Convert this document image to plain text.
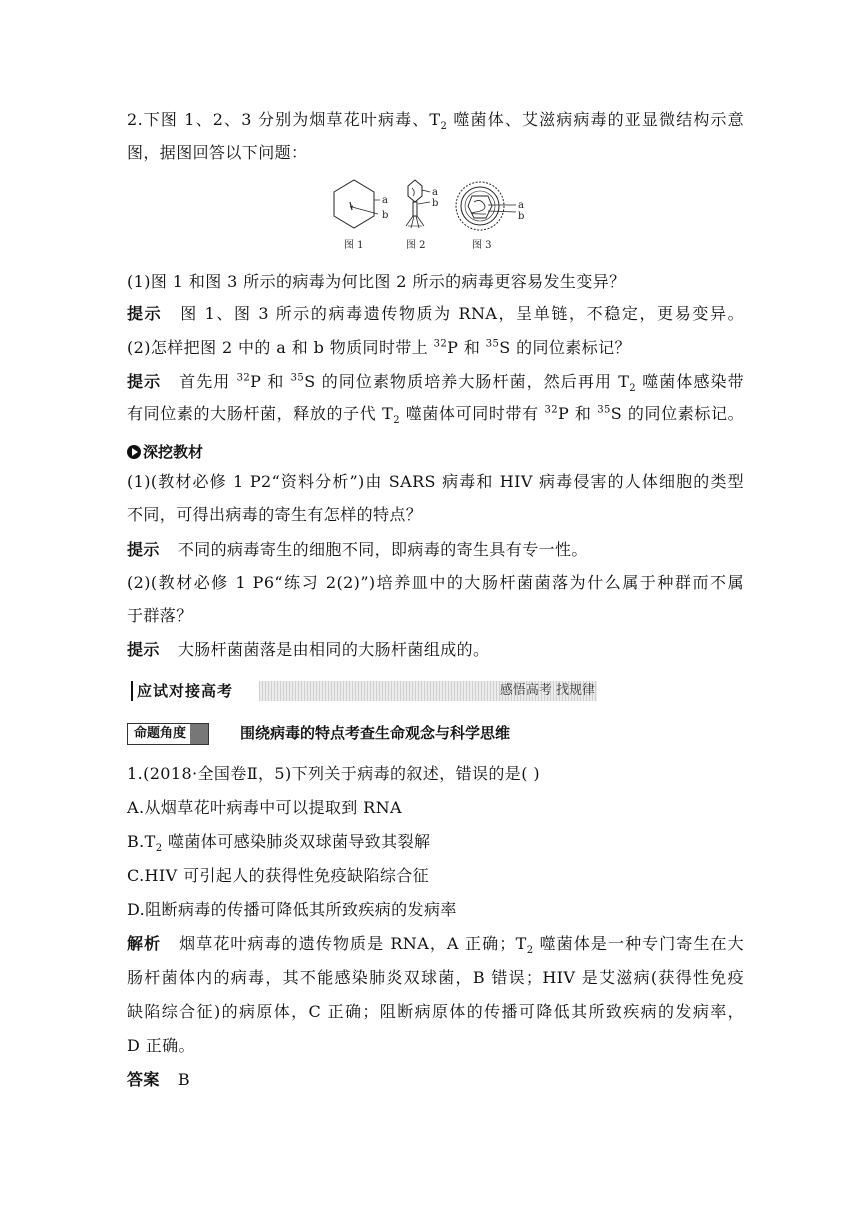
2.下图 1、2、3 分别为烟草花叶病毒、$T_2$ 噬菌体、艾滋病病毒的亚显微结构示意
图，据图回答以下问题：
a
b
图 1
a
b
图 2
a
b
图 3
(1)图 1 和图 3 所示的病毒为何比图 2 所示的病毒更容易发生变异？
提示 图 1、图 3 所示的病毒遗传物质为 RNA，呈单链，不稳定，更易变异。
(2)怎样把图 2 中的 a 和 b 物质同时带上 $^{32}$P 和 $^{35}$S 的同位素标记？
提示 首先用 $^{32}$P 和 $^{35}$S 的同位素物质培养大肠杆菌，然后再用 $T_2$ 噬菌体感染带
有同位素的大肠杆菌，释放的子代 $T_2$ 噬菌体可同时带有 $^{32}$P 和 $^{35}$S 的同位素标记。
深挖教材
(1)(教材必修 1 P2“资料分析”)由 SARS 病毒和 HIV 病毒侵害的人体细胞的类型
不同，可得出病毒的寄生有怎样的特点？
提示 不同的病毒寄生的细胞不同，即病毒的寄生具有专一性。
(2)(教材必修 1 P6“练习 2(2)”)培养皿中的大肠杆菌菌落为什么属于种群而不属
于群落？
提示 大肠杆菌菌落是由相同的大肠杆菌组成的。
应试对接高考	感悟高考 找规律
命题角度	围绕病毒的特点考查生命观念与科学思维
1.(2018·全国卷Ⅱ，5)下列关于病毒的叙述，错误的是( )
A.从烟草花叶病毒中可以提取到 RNA
$B.T_2$ 噬菌体可感染肺炎双球菌导致其裂解
C.HIV 可引起人的获得性免疫缺陷综合征
D.阻断病毒的传播可降低其所致疾病的发病率
解析 烟草花叶病毒的遗传物质是 RNA，A 正确；$T_2$ 噬菌体是一种专门寄生在大
肠杆菌体内的病毒，其不能感染肺炎双球菌，B 错误；HIV 是艾滋病(获得性免疫
缺陷综合征)的病原体，C 正确；阻断病原体的传播可降低其所致疾病的发病率，
D 正确。
答案 B
